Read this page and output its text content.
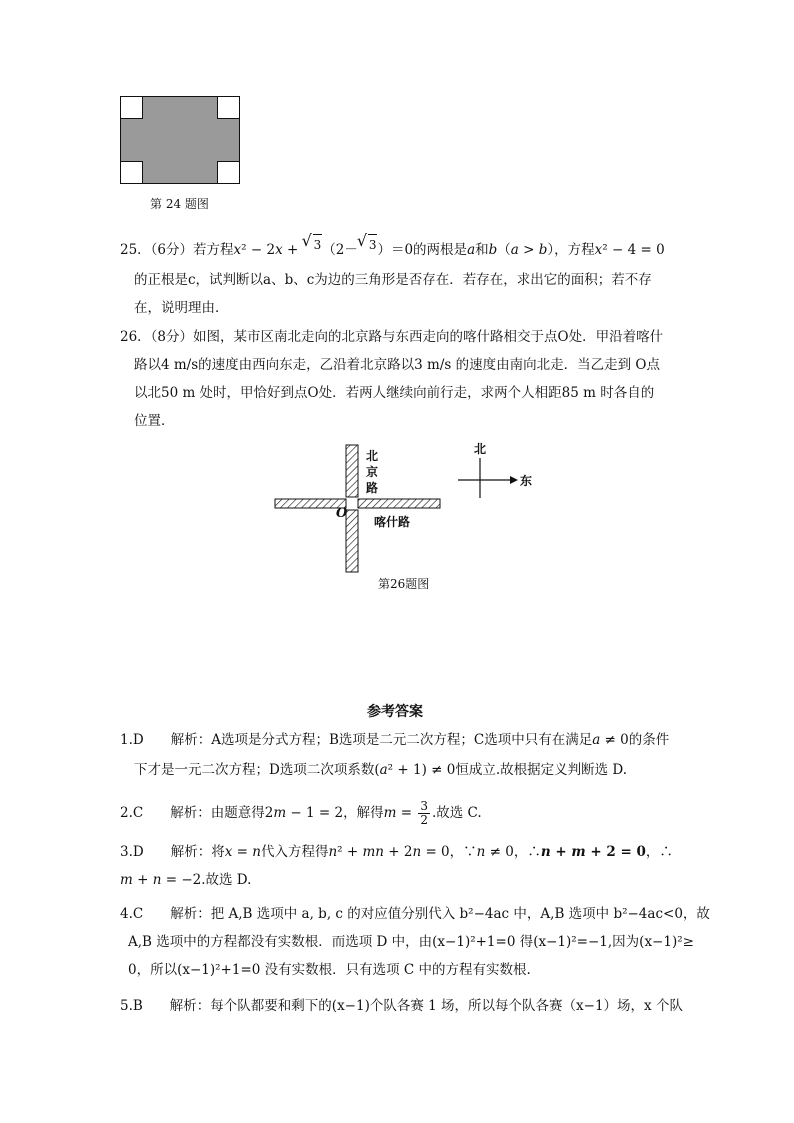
第 24 题图
25．（6分）若方程x² − 2x + √ 3（2－√ 3）＝0的两根是a和b（a > b），方程x² − 4 = 0
的正根是c，试判断以a、b、c为边的三角形是否存在．若存在，求出它的面积；若不存
在，说明理由．
26．（8分）如图，某市区南北走向的北京路与东西走向的喀什路相交于点O处．甲沿着喀什
路以4 m/s的速度由西向东走，乙沿着北京路以3 m/s 的速度由南向北走．当乙走到 O点
以北50 m 处时，甲恰好到点O处．若两人继续向前行走，求两个人相距85 m 时各自的
位置．
北京路
喀什路
O
北
东
第26题图
参考答案
1.D　　解析：A选项是分式方程；B选项是二元二次方程；C选项中只有在满足a ≠ 0的条件
下才是一元二次方程；D选项二次项系数(a² + 1) ≠ 0恒成立.故根据定义判断选 D.
2.C　　解析：由题意得2m − 1 = 2，解得$m = \frac{3}{2}$ .故选 C.
3.D　　解析：将x = n代入方程得n² + mn + 2n = 0，∵n ≠ 0，∴n + m + 2 = 0，∴
m + n = −2.故选 D.
4.C　　解析：把 A,B 选项中 a, b, c 的对应值分别代入 b²−4ac 中，A,B 选项中 b²−4ac<0，故
A,B 选项中的方程都没有实数根．而选项 D 中，由(x−1)²+1=0 得(x−1)²=−1,因为(x−1)²≥
0，所以(x−1)²+1=0 没有实数根．只有选项 C 中的方程有实数根.
5.B　　解析：每个队都要和剩下的(x−1)个队各赛 1 场，所以每个队各赛（x−1）场，x 个队
